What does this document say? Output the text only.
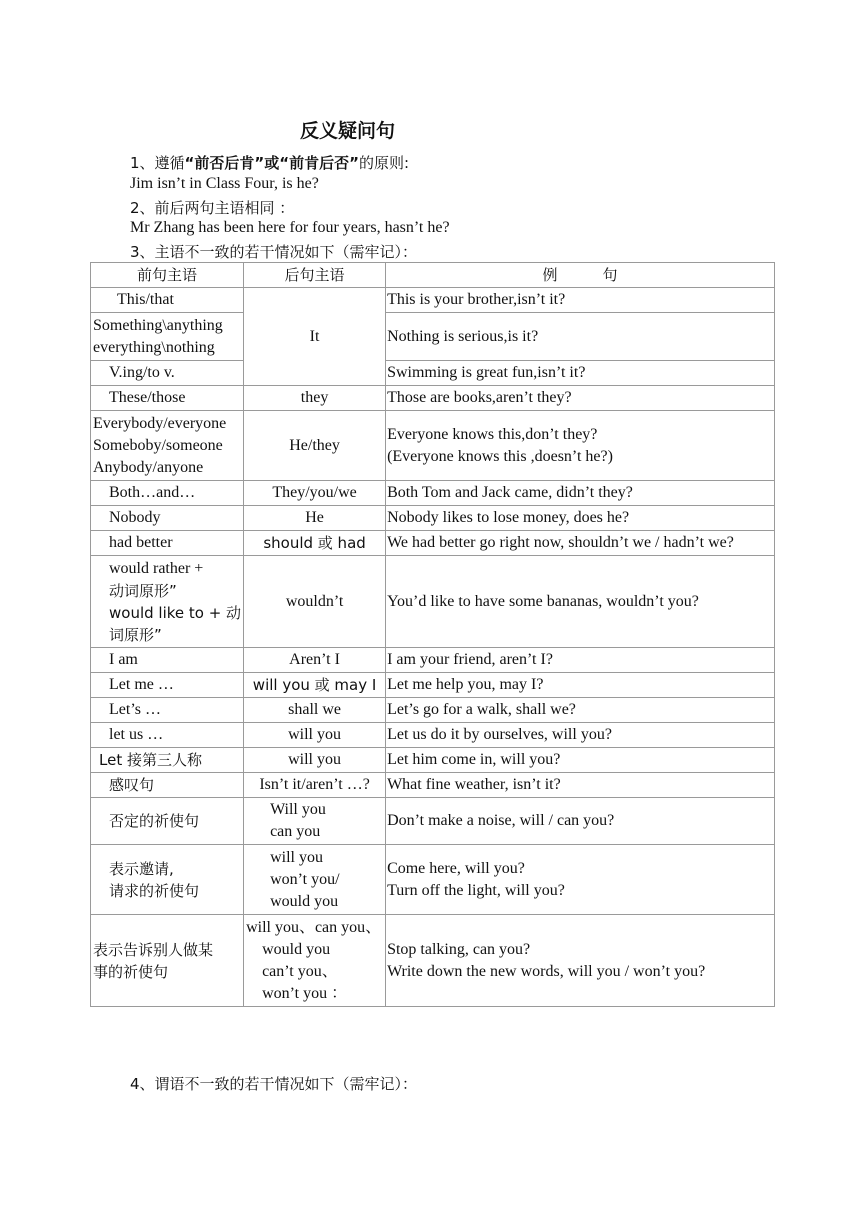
反义疑问句
1、遵循“前否后肯”或“前肯后否”的原则:
Jim isn’t in Class Four, is he?
2、前后两句主语相同 ：
Mr Zhang has been here for four years, hasn’t he?
3、主语不一致的若干情况如下（需牢记）：
前句主语	后句主语	例　　　句

This/that	It	This is your brother,isn’t it?

Something\anything
everything\nothing		Nothing is serious,is it?

V.ing/to v.		Swimming is great fun,isn’t it?

These/those	they	Those are books,aren’t they?

Everybody/everyone
Someboby/someone
Anybody/anyone	He/they	Everyone knows this,don’t they?
(Everyone knows this ,doesn’t he?)

Both…and…	They/you/we	Both Tom and Jack came, didn’t they?

Nobody	He	Nobody likes to lose money, does he?

had better	should 或 had	We had better go right now, shouldn’t we / hadn’t we?

would rather +
动词原形”
would like to + 动
词原形”	wouldn’t	You’d like to have some bananas, wouldn’t you?

I am	Aren’t I	I am your friend, aren’t I?

Let me …	will you 或 may I	Let me help you, may I?

Let’s …	shall we	Let’s go for a walk, shall we?

let us …	will you	Let us do it by ourselves, will you?

Let 接第三人称	will you	Let him come in, will you?

感叹句	Isn’t it/aren’t …?	What fine weather, isn’t it?

否定的祈使句	Will you
can you	Don’t make a noise, will / can you?

表示邀请,
请求的祈使句	will you
won’t you/
would you	Come here, will you?
Turn off the light, will you?

表示告诉别人做某
事的祈使句	will you、can you、
would you
can’t you、
won’t you ：	Stop talking, can you?
Write down the new words, will you / won’t you?
4、谓语不一致的若干情况如下（需牢记）：
